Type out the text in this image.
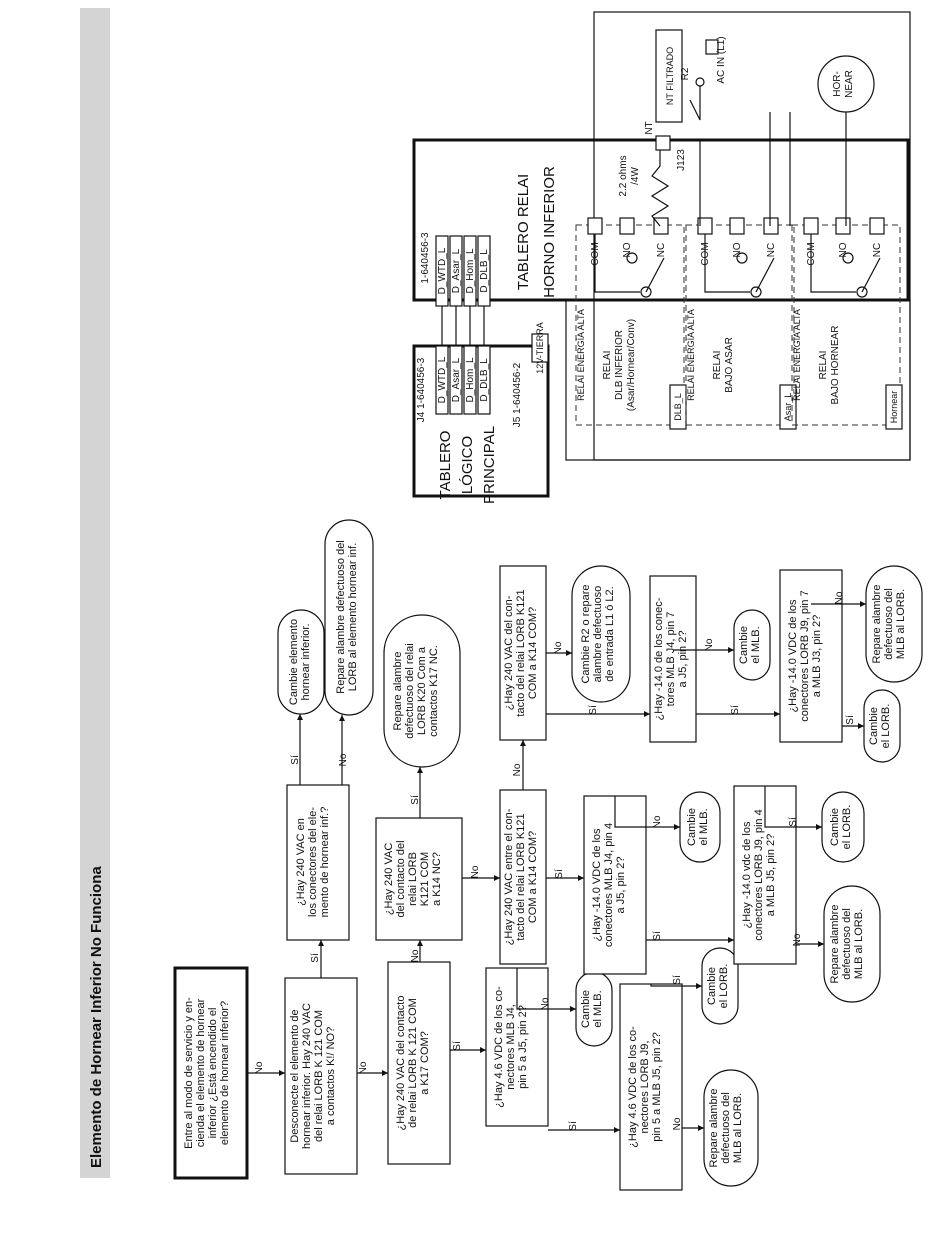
Elemento de Hornear Inferior No Funciona	Entre al modo de servicio y en- cienda el elemento de hornear inferior ¿Está encendido el elemento de hornear inferior?	Desconecte el elemento de hornear inferior. Hay 240 VAC del relai LORB K 121 COM a contactos K!/ NO?
¿Hay 240 VAC en los conectores del ele- mento de hornear inf.?
Cambie elemento hornear inferior. Repare alambre defectuoso del LORB al elemento hornear inf.
¿Hay 240 VAC del contacto del relai LORB K121 COM a K14 NC?
Repare alambre defectuoso del relai LORB K20 Com a contactos K17 NC.
¿Hay 240 VAC del contacto de relai LORB K 121 COM a K17 COM?
¿Hay 240 VAC entre el con- tacto del relai LORB K121 COM a K14 COM?
¿Hay 240 VAC del con- tacto del relai LORB K121 COM a K14 COM?	Cambie R2 o repare alambre defectuoso de entrada L1 ó L2.
¿Hay 4.6 VDC de los co- nectores MLB J4, pin 5 a J5, pin 2?	Cambie el MLB.
¿Hay 4.6 VDC de los co- nectores LORB J9, pin 5 a MLB J5, pin 2?
Cambie el LORB.
Repare alambre defectuoso del MLB al LORB.
¿Hay -14.0 VDC de los conectores MLB J4, pin 4 a J5, pin 2?
Cambie el MLB.	¿Hay -14.0 vdc de los conectores LORB J9, pin 4 a MLB J5, pin 2?
Cambie el LORB.
Repare alambre defectuoso del MLB al LORB.
¿Hay -14.0 de los conec- tores MLB J4, pin 7 a J5, pin 2?	Cambie el MLB. ¿Hay -14.0 VDC de los conectores LORB J9, pin 7 a MLB J3, pin 2?
Cambie el LORB.
Repare alambre defectuoso del MLB al LORB.
No
Sí
Sí	No
No
No
Sí
No
No
No
Sí
No
Sí
Sí
No
Sí
Sí
No
Sí
Sí
No
No
Sí
Sí
No
TABLERO LÓGICO PRINCIPAL
J4 1-640456-3	J5 1-640456-2
12V-TIERRA
TABLERO RELAI HORNO INFERIOR
1-640456-3
D_WTD_L
D_WTD_L
D_Asar_L
D_Asar_L
D_Hom_L
D_Hom_L
D_DLB_L
D_DLB_L
RELAI ENERGÍA ALTA RELAI DLB INFERIOR (Asar/Hornear/Conv)	DLB_L
COM NO NC
RELAI ENERGÍA ALTA RELAI BAJO ASAR
Asar_L
COM NO NC
RELAI ENERGÍA ALTA RELAI BAJO HORNEAR
Hornear
COM NO NC
2.2 ohms /4W
J123
NT
NT FILTRADO R2	AC IN (L1)
HOR- NEAR
